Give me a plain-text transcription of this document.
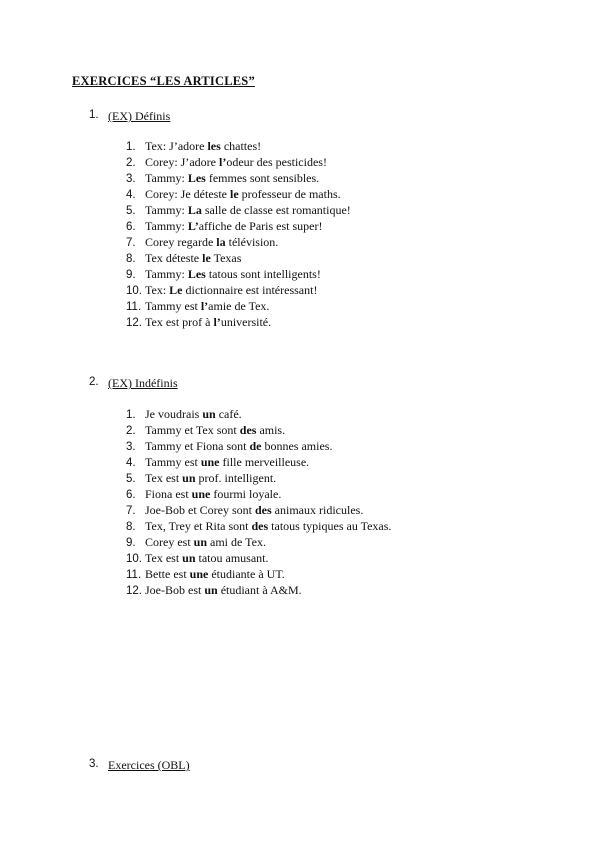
EXERCICES “LES ARTICLES”
1. (EX) Définis
1. Tex: J’adore les chattes!
2. Corey: J’adore l’odeur des pesticides!
3. Tammy: Les femmes sont sensibles.
4. Corey: Je déteste le professeur de maths.
5. Tammy: La salle de classe est romantique!
6. Tammy: L’affiche de Paris est super!
7. Corey regarde la télévision.
8. Tex déteste le Texas
9. Tammy: Les tatous sont intelligents!
10. Tex: Le dictionnaire est intéressant!
11. Tammy est l’amie de Tex.
12. Tex est prof à l’université.
2. (EX) Indéfinis
1. Je voudrais un café.
2. Tammy et Tex sont des amis.
3. Tammy et Fiona sont de bonnes amies.
4. Tammy est une fille merveilleuse.
5. Tex est un prof. intelligent.
6. Fiona est une fourmi loyale.
7. Joe-Bob et Corey sont des animaux ridicules.
8. Tex, Trey et Rita sont des tatous typiques au Texas.
9. Corey est un ami de Tex.
10. Tex est un tatou amusant.
11. Bette est une étudiante à UT.
12. Joe-Bob est un étudiant à A&M.
3. Exercices (OBL)
